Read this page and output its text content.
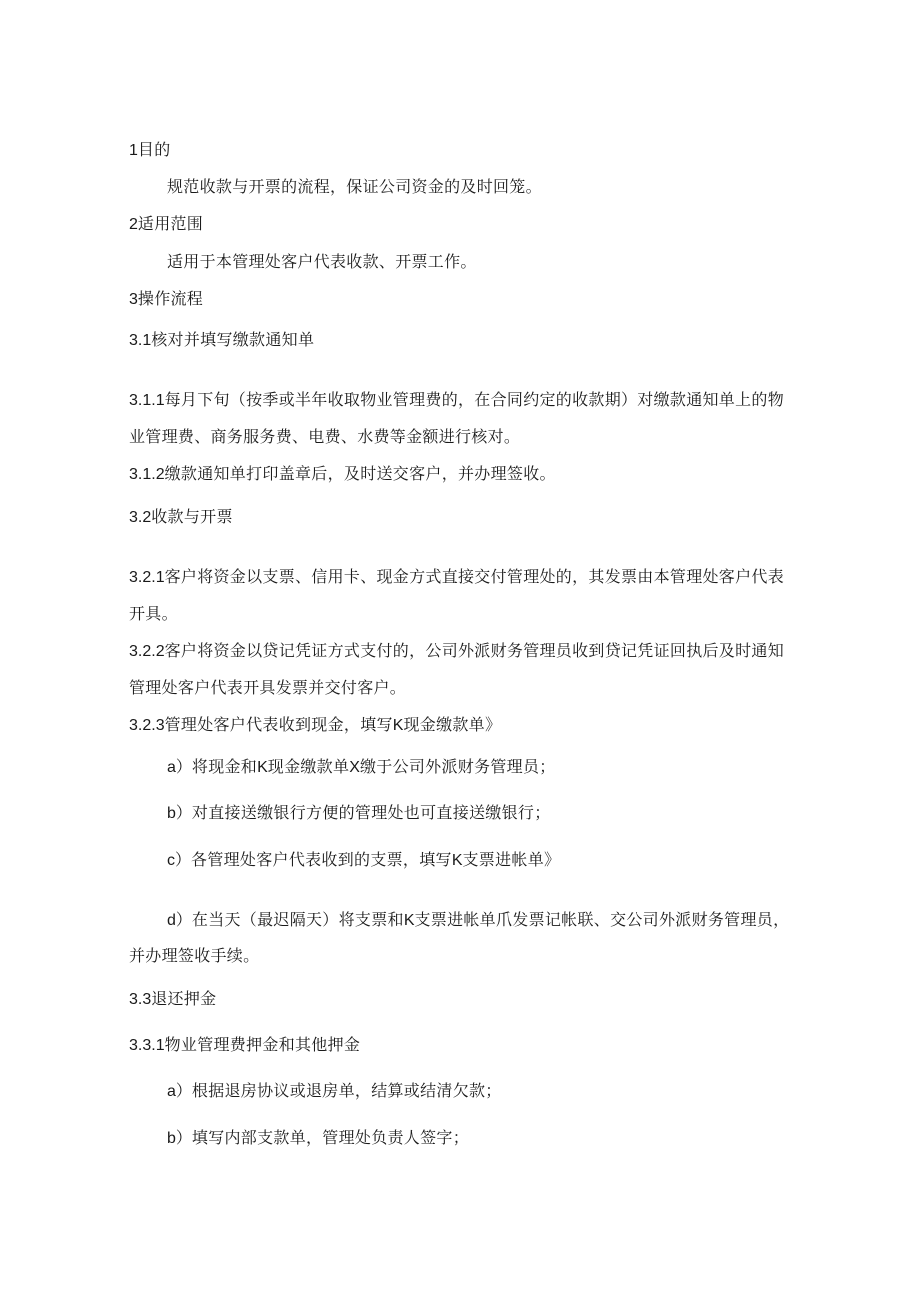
1目的
规范收款与开票的流程，保证公司资金的及时回笼。
2适用范围
适用于本管理处客户代表收款、开票工作。
3操作流程
3.1核对并填写缴款通知单
3.1.1每月下旬（按季或半年收取物业管理费的，在合同约定的收款期）对缴款通知单上的物
业管理费、商务服务费、电费、水费等金额进行核对。
3.1.2缴款通知单打印盖章后，及时送交客户，并办理签收。
3.2收款与开票
3.2.1客户将资金以支票、信用卡、现金方式直接交付管理处的，其发票由本管理处客户代表
开具。
3.2.2客户将资金以贷记凭证方式支付的，公司外派财务管理员收到贷记凭证回执后及时通知
管理处客户代表开具发票并交付客户。
3.2.3管理处客户代表收到现金，填写K现金缴款单》
a）将现金和K现金缴款单X缴于公司外派财务管理员；
b）对直接送缴银行方便的管理处也可直接送缴银行；
c）各管理处客户代表收到的支票，填写K支票进帐单》
d）在当天（最迟隔天）将支票和K支票进帐单爪发票记帐联、交公司外派财务管理员，
并办理签收手续。
3.3退还押金
3.3.1物业管理费押金和其他押金
a）根据退房协议或退房单，结算或结清欠款；
b）填写内部支款单，管理处负责人签字；
